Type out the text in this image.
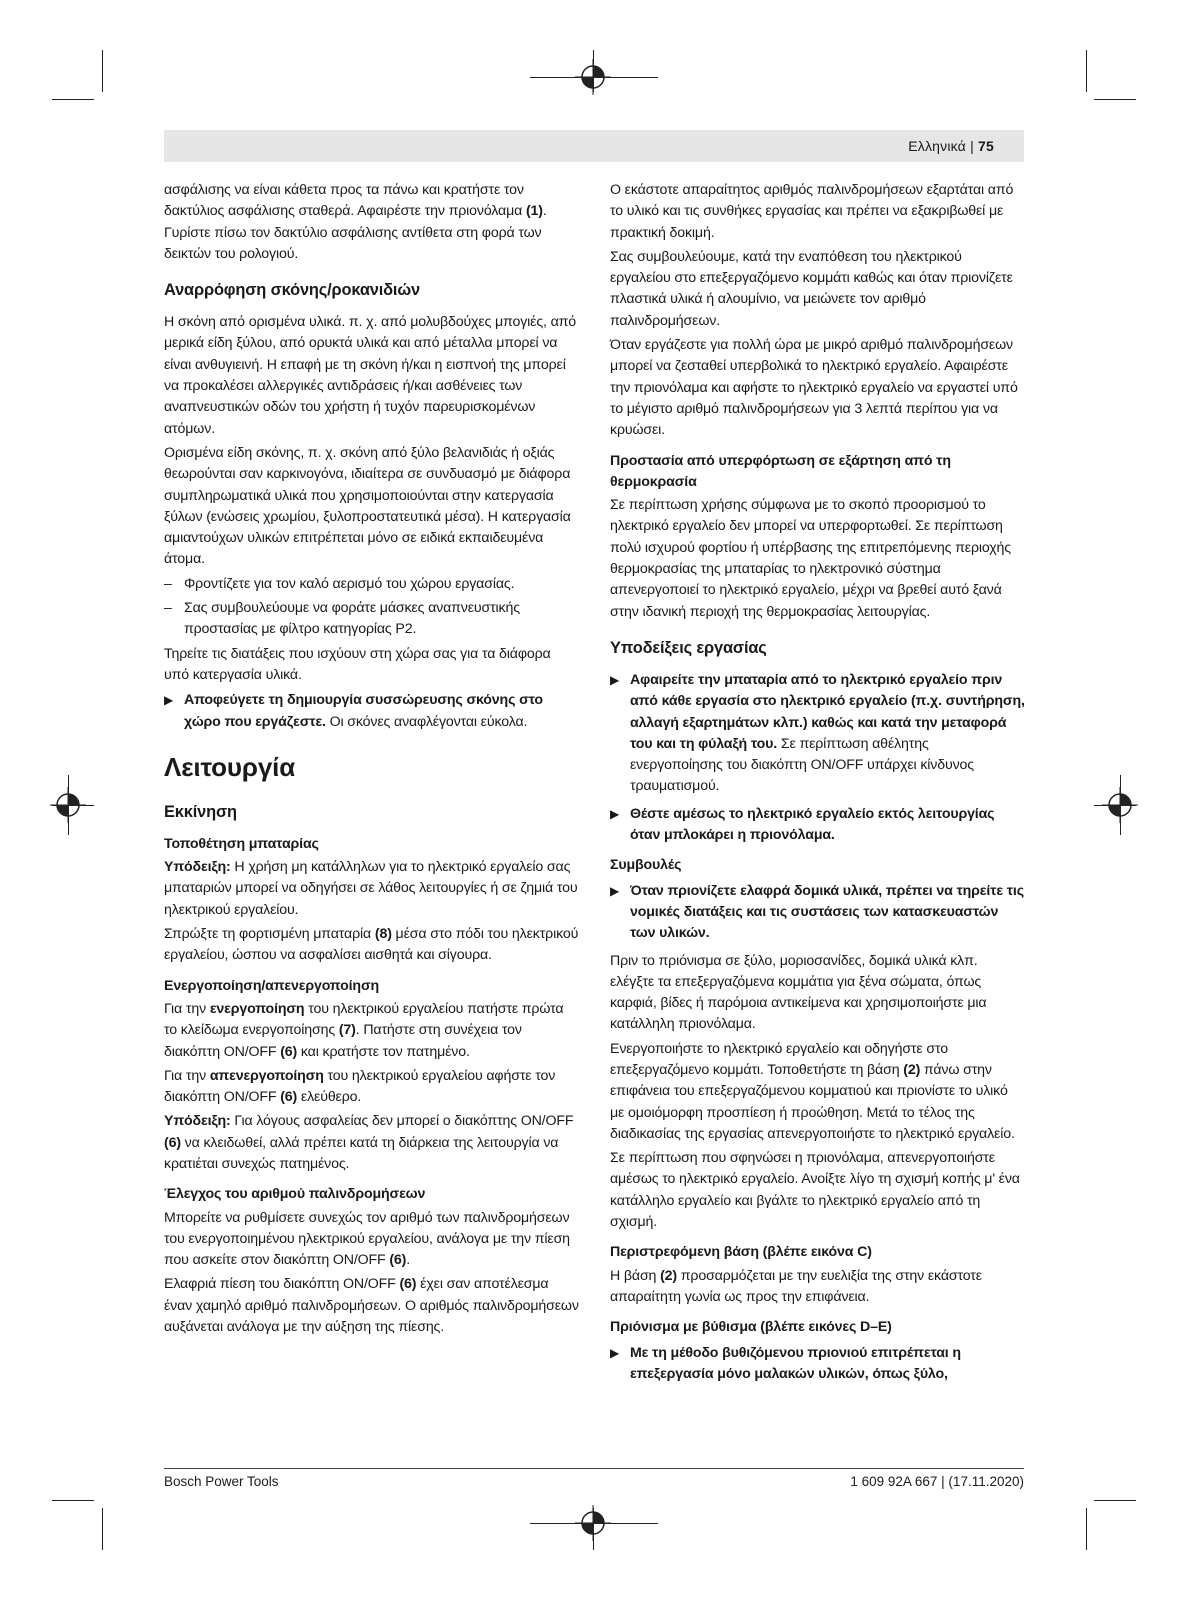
Ελληνικά | 75

ασφάλισης να είναι κάθετα προς τα πάνω και κρατήστε τον δακτύλιος ασφάλισης σταθερά. Αφαιρέστε την πριονόλαμα (1). Γυρίστε πίσω τον δακτύλιο ασφάλισης αντίθετα στη φορά των δεικτών του ρολογιού.

Αναρρόφηση σκόνης/ροκανιδιών

Η σκόνη από ορισμένα υλικά. π. χ. από μολυβδούχες μπογιές, από μερικά είδη ξύλου, από ορυκτά υλικά και από μέταλλα μπορεί να είναι ανθυγιεινή. Η επαφή με τη σκόνη ή/και η εισπνοή της μπορεί να προκαλέσει αλλεργικές αντιδράσεις ή/και ασθένειες των αναπνευστικών οδών του χρήστη ή τυχόν παρευρισκομένων ατόμων.

Ορισμένα είδη σκόνης, π. χ. σκόνη από ξύλο βελανιδιάς ή οξιάς θεωρούνται σαν καρκινογόνα, ιδιαίτερα σε συνδυασμό με διάφορα συμπληρωματικά υλικά που χρησιμοποιούνται στην κατεργασία ξύλων (ενώσεις χρωμίου, ξυλοπροστατευτικά μέσα). Η κατεργασία αμιαντούχων υλικών επιτρέπεται μόνο σε ειδικά εκπαιδευμένα άτομα.

– Φροντίζετε για τον καλό αερισμό του χώρου εργασίας.
– Σας συμβουλεύουμε να φοράτε μάσκες αναπνευστικής προστασίας με φίλτρο κατηγορίας P2.

Τηρείτε τις διατάξεις που ισχύουν στη χώρα σας για τα διάφορα υπό κατεργασία υλικά.

▶ Αποφεύγετε τη δημιουργία συσσώρευσης σκόνης στο χώρο που εργάζεστε. Οι σκόνες αναφλέγονται εύκολα.
Λειτουργία
Εκκίνηση
Τοποθέτηση μπαταρίας

Υπόδειξη: Η χρήση μη κατάλληλων για το ηλεκτρικό εργαλείο σας μπαταριών μπορεί να οδηγήσει σε λάθος λειτουργίες ή σε ζημιά του ηλεκτρικού εργαλείου.

Σπρώξτε τη φορτισμένη μπαταρία (8) μέσα στο πόδι του ηλεκτρικού εργαλείου, ώσπου να ασφαλίσει αισθητά και σίγουρα.

Ενεργοποίηση/απενεργοποίηση

Για την ενεργοποίηση του ηλεκτρικού εργαλείου πατήστε πρώτα το κλείδωμα ενεργοποίησης (7). Πατήστε στη συνέχεια τον διακόπτη ON/OFF (6) και κρατήστε τον πατημένο.

Για την απενεργοποίηση του ηλεκτρικού εργαλείου αφήστε τον διακόπτη ON/OFF (6) ελεύθερο.

Υπόδειξη: Για λόγους ασφαλείας δεν μπορεί ο διακόπτης ON/OFF (6) να κλειδωθεί, αλλά πρέπει κατά τη διάρκεια της λειτουργία να κρατιέται συνεχώς πατημένος.

Έλεγχος του αριθμού παλινδρομήσεων

Μπορείτε να ρυθμίσετε συνεχώς τον αριθμό των παλινδρομήσεων του ενεργοποιημένου ηλεκτρικού εργαλείου, ανάλογα με την πίεση που ασκείτε στον διακόπτη ON/OFF (6).

Ελαφριά πίεση του διακόπτη ON/OFF (6) έχει σαν αποτέλεσμα έναν χαμηλό αριθμό παλινδρομήσεων. Ο αριθμός παλινδρομήσεων αυξάνεται ανάλογα με την αύξηση της πίεσης.

Ο εκάστοτε απαραίτητος αριθμός παλινδρομήσεων εξαρτάται από το υλικό και τις συνθήκες εργασίας και πρέπει να εξακριβωθεί με πρακτική δοκιμή.

Σας συμβουλεύουμε, κατά την εναπόθεση του ηλεκτρικού εργαλείου στο επεξεργαζόμενο κομμάτι καθώς και όταν πριονίζετε πλαστικά υλικά ή αλουμίνιο, να μειώνετε τον αριθμό παλινδρομήσεων.

Όταν εργάζεστε για πολλή ώρα με μικρό αριθμό παλινδρομήσεων μπορεί να ζεσταθεί υπερβολικά το ηλεκτρικό εργαλείο. Αφαιρέστε την πριονόλαμα και αφήστε το ηλεκτρικό εργαλείο να εργαστεί υπό το μέγιστο αριθμό παλινδρομήσεων για 3 λεπτά περίπου για να κρυώσει.

Προστασία από υπερφόρτωση σε εξάρτηση από τη θερμοκρασία

Σε περίπτωση χρήσης σύμφωνα με το σκοπό προορισμού το ηλεκτρικό εργαλείο δεν μπορεί να υπερφορτωθεί. Σε περίπτωση πολύ ισχυρού φορτίου ή υπέρβασης της επιτρεπόμενης περιοχής θερμοκρασίας της μπαταρίας το ηλεκτρονικό σύστημα απενεργοποιεί το ηλεκτρικό εργαλείο, μέχρι να βρεθεί αυτό ξανά στην ιδανική περιοχή της θερμοκρασίας λειτουργίας.

Υποδείξεις εργασίας
▶ Αφαιρείτε την μπαταρία από το ηλεκτρικό εργαλείο πριν από κάθε εργασία στο ηλεκτρικό εργαλείο (π.χ. συντήρηση, αλλαγή εξαρτημάτων κλπ.) καθώς και κατά την μεταφορά του και τη φύλαξή του. Σε περίπτωση αθέλητης ενεργοποίησης του διακόπτη ON/OFF υπάρχει κίνδυνος τραυματισμού.
▶ Θέστε αμέσως το ηλεκτρικό εργαλείο εκτός λειτουργίας όταν μπλοκάρει η πριονόλαμα.
Συμβουλές
▶ Όταν πριονίζετε ελαφρά δομικά υλικά, πρέπει να τηρείτε τις νομικές διατάξεις και τις συστάσεις των κατασκευαστών των υλικών.

Πριν το πριόνισμα σε ξύλο, μοριοσανίδες, δομικά υλικά κλπ. ελέγξτε τα επεξεργαζόμενα κομμάτια για ξένα σώματα, όπως καρφιά, βίδες ή παρόμοια αντικείμενα και χρησιμοποιήστε μια κατάλληλη πριονόλαμα.

Ενεργοποιήστε το ηλεκτρικό εργαλείο και οδηγήστε στο επεξεργαζόμενο κομμάτι. Τοποθετήστε τη βάση (2) πάνω στην επιφάνεια του επεξεργαζόμενου κομματιού και πριονίστε το υλικό με ομοιόμορφη προσπίεση ή προώθηση. Μετά το τέλος της διαδικασίας της εργασίας απενεργοποιήστε το ηλεκτρικό εργαλείο.

Σε περίπτωση που σφηνώσει η πριονόλαμα, απενεργοποιήστε αμέσως το ηλεκτρικό εργαλείο. Ανοίξτε λίγο τη σχισμή κοπής μ' ένα κατάλληλο εργαλείο και βγάλτε το ηλεκτρικό εργαλείο από τη σχισμή.

Περιστρεφόμενη βάση (βλέπε εικόνα C)

Η βάση (2) προσαρμόζεται με την ευελιξία της στην εκάστοτε απαραίτητη γωνία ως προς την επιφάνεια.

Πριόνισμα με βύθισμα (βλέπε εικόνες D–E)
▶ Με τη μέθοδο βυθιζόμενου πριονιού επιτρέπεται η επεξεργασία μόνο μαλακών υλικών, όπως ξύλο,
Bosch Power Tools	1 609 92A 667 | (17.11.2020)
